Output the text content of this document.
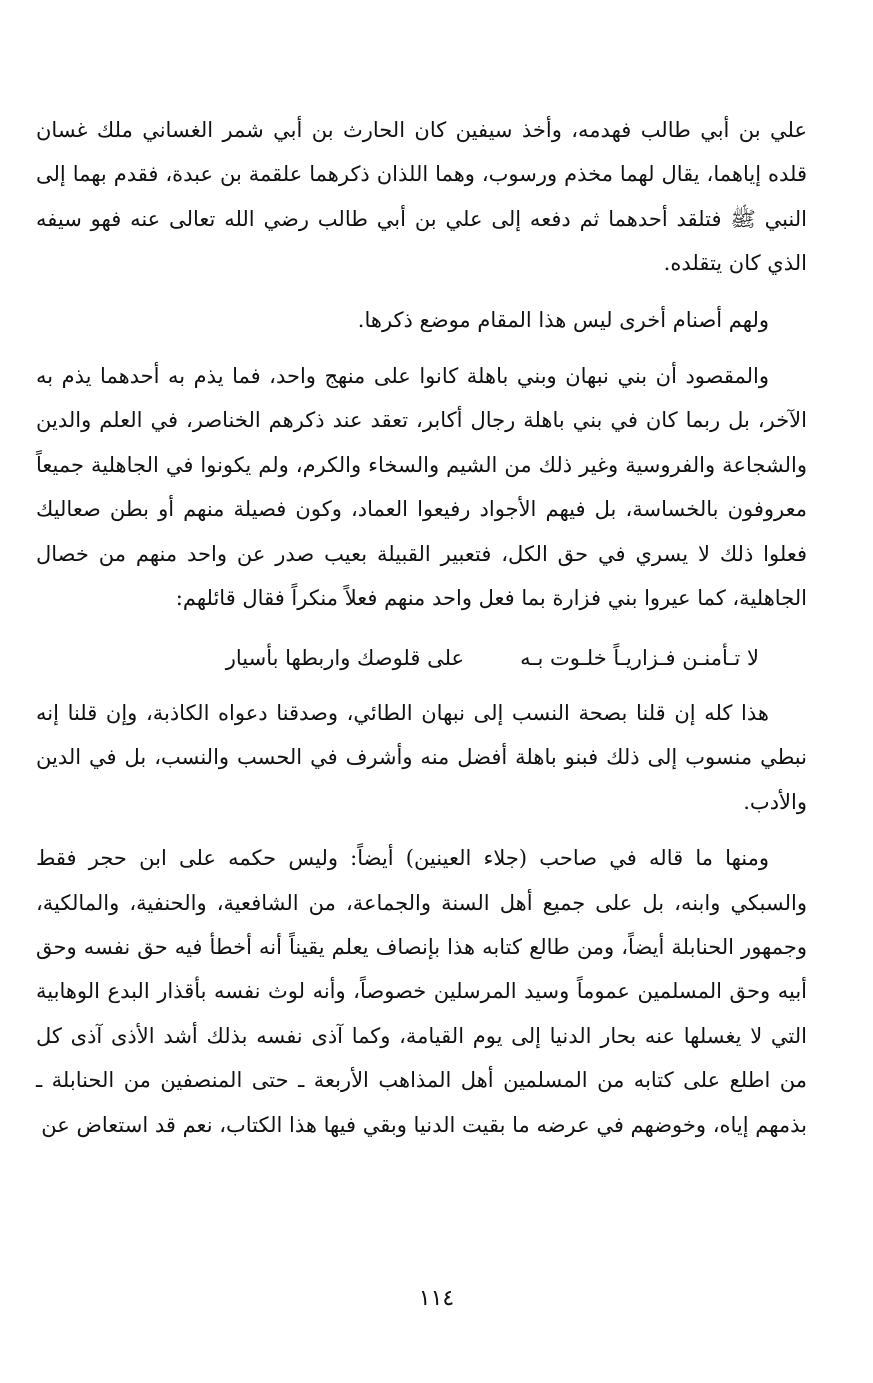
علي بن أبي طالب فهدمه، وأخذ سيفين كان الحارث بن أبي شمر الغساني ملك غسان قلده إياهما، يقال لهما مخذم ورسوب، وهما اللذان ذكرهما علقمة بن عبدة، فقدم بهما إلى النبي ﷺ فتلقد أحدهما ثم دفعه إلى علي بن أبي طالب رضي الله تعالى عنه فهو سيفه الذي كان يتقلده.

ولهم أصنام أخرى ليس هذا المقام موضع ذكرها.

والمقصود أن بني نبهان وبني باهلة كانوا على منهج واحد، فما يذم به أحدهما يذم به الآخر، بل ربما كان في بني باهلة رجال أكابر، تعقد عند ذكرهم الخناصر، في العلم والدين والشجاعة والفروسية وغير ذلك من الشيم والسخاء والكرم، ولم يكونوا في الجاهلية جميعاً معروفون بالخساسة، بل فيهم الأجواد رفيعوا العماد، وكون فصيلة منهم أو بطن صعاليك فعلوا ذلك لا يسري في حق الكل، فتعبير القبيلة بعيب صدر عن واحد منهم من خصال الجاهلية، كما عيروا بني فزارة بما فعل واحد منهم فعلاً منكراً فقال قائلهم:

لا تـأمنـن فـزاريـاً خلـوت بـه
على قلوصك واربطها بأسيار

هذا كله إن قلنا بصحة النسب إلى نبهان الطائي، وصدقنا دعواه الكاذبة، وإن قلنا إنه نبطي منسوب إلى ذلك فبنو باهلة أفضل منه وأشرف في الحسب والنسب، بل في الدين والأدب.

ومنها ما قاله في صاحب (جلاء العينين) أيضاً: وليس حكمه على ابن حجر فقط والسبكي وابنه، بل على جميع أهل السنة والجماعة، من الشافعية، والحنفية، والمالكية، وجمهور الحنابلة أيضاً، ومن طالع كتابه هذا بإنصاف يعلم يقيناً أنه أخطأ فيه حق نفسه وحق أبيه وحق المسلمين عموماً وسيد المرسلين خصوصاً، وأنه لوث نفسه بأقذار البدع الوهابية التي لا يغسلها عنه بحار الدنيا إلى يوم القيامة، وكما آذى نفسه بذلك أشد الأذى آذى كل من اطلع على كتابه من المسلمين أهل المذاهب الأربعة ـ حتى المنصفين من الحنابلة ـ بذمهم إياه، وخوضهم في عرضه ما بقيت الدنيا وبقي فيها هذا الكتاب، نعم قد استعاض عن

١١٤
